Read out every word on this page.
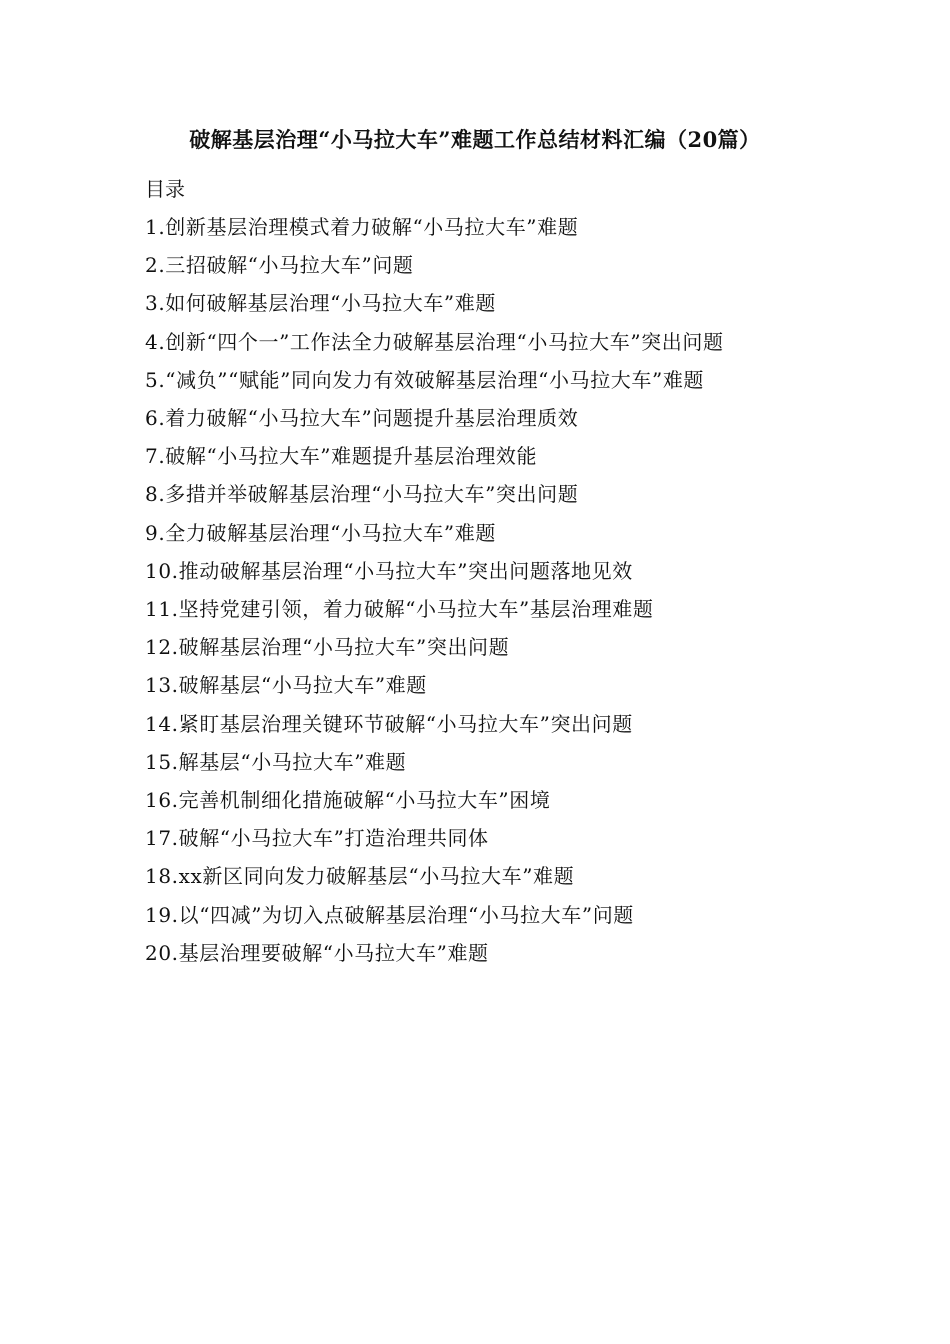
破解基层治理“小马拉大车”难题工作总结材料汇编（20篇）
目录
1.创新基层治理模式着力破解“小马拉大车”难题
2.三招破解“小马拉大车”问题
3.如何破解基层治理“小马拉大车”难题
4.创新“四个一”工作法全力破解基层治理“小马拉大车”突出问题
5.“减负”“赋能”同向发力有效破解基层治理“小马拉大车”难题
6.着力破解“小马拉大车”问题提升基层治理质效
7.破解“小马拉大车”难题提升基层治理效能
8.多措并举破解基层治理“小马拉大车”突出问题
9.全力破解基层治理“小马拉大车”难题
10.推动破解基层治理“小马拉大车”突出问题落地见效
11.坚持党建引领，着力破解“小马拉大车”基层治理难题
12.破解基层治理“小马拉大车”突出问题
13.破解基层“小马拉大车”难题
14.紧盯基层治理关键环节破解“小马拉大车”突出问题
15.解基层“小马拉大车”难题
16.完善机制细化措施破解“小马拉大车”困境
17.破解“小马拉大车”打造治理共同体
18.xx新区同向发力破解基层“小马拉大车”难题
19.以“四减”为切入点破解基层治理“小马拉大车”问题
20.基层治理要破解“小马拉大车”难题
